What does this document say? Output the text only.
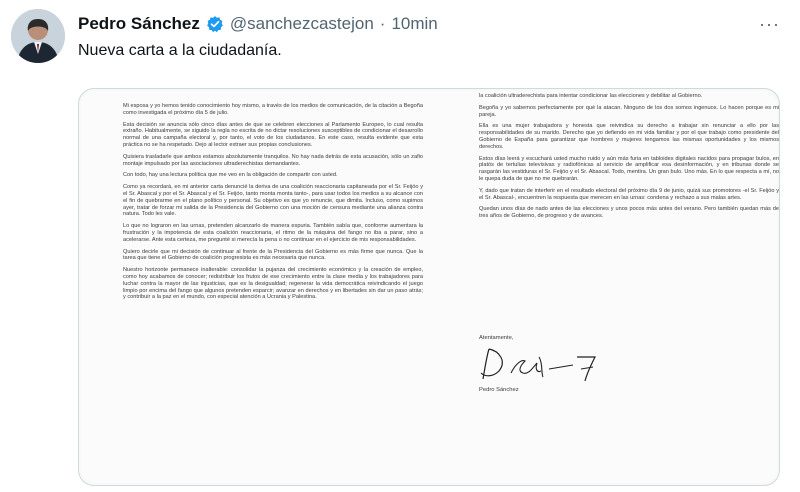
Pedro Sánchez @sanchezcastejon · 10min	···
Nueva carta a la ciudadanía.

Mi esposa y yo hemos tenido conocimiento hoy mismo, a través de los medios de comunicación, de la citación a Begoña como investigada el próximo día 5 de julio.

Esta decisión se anuncia sólo cinco días antes de que se celebren elecciones al Parlamento Europeo, lo cual resulta extraño. Habitualmente, se siguido la regla no escrita de no dictar resoluciones susceptibles de condicionar el desarrollo normal de una campaña electoral y, por tanto, el voto de los ciudadanos. En este caso, resulta evidente que esta práctica no se ha respetado. Dejo al lector extraer sus propias conclusiones.

Quisiera trasladarle que ambos estamos absolutamente tranquilos. No hay nada detrás de esta acusación, sólo un zafio montaje impulsado por las asociaciones ultraderechistas demandantes.

Con todo, hay una lectura política que me veo en la obligación de compartir con usted.

Como ya recordará, en mi anterior carta denuncié la deriva de una coalición reaccionaria capitaneada por el Sr. Feijóo y el Sr. Abascal y por el Sr. Abascal y el Sr. Feijóo, tanto monta monta tanto-, para usar todos los medios a su alcance con el fin de quebrarme en el plano político y personal. Su objetivo es que yo renuncie, que dimita. Incluso, como supimos ayer, tratar de forzar mi salida de la Presidencia del Gobierno con una moción de censura mediante una alianza contra natura. Todo les vale.

Lo que no lograron en las urnas, pretenden alcanzarlo de manera espuria. También sabía que, conforme aumentara la frustración y la impotencia de esta coalición reaccionaria, el ritmo de la máquina del fango no iba a parar, sino a acelerarse. Ante esta certeza, me pregunté si merecía la pena o no continuar en el ejercicio de mis responsabilidades.

Quiero decirle que mi decisión de continuar al frente de la Presidencia del Gobierno es más firme que nunca. Que la tarea que tiene el Gobierno de coalición progresista es más necesaria que nunca.

Nuestro horizonte permanece inalterable: consolidar la pujanza del crecimiento económico y la creación de empleo, como hoy acabamos de conocer; redistribuir los frutos de ese crecimiento entre la clase media y los trabajadores para luchar contra la mayor de las injusticias, que es la desigualdad; regenerar la vida democrática reivindicando el juego limpio por encima del fango que algunos pretenden esparcir; avanzar en derechos y en libertades sin dar un paso atrás; y contribuir a la paz en el mundo, con especial atención a Ucrania y Palestina.

la coalición ultraderechista para intentar condicionar las elecciones y debilitar al Gobierno.

Begoña y yo sabemos perfectamente por qué la atacan. Ninguno de los dos somos ingenuos. Lo hacen porque es mi pareja.

Ella es una mujer trabajadora y honesta que reivindica su derecho a trabajar sin renunciar a ello por las responsabilidades de su marido. Derecho que yo defiendo en mi vida familiar y por el que trabajo como presidente del Gobierno de España para garantizar que hombres y mujeres tengamos las mismas oportunidades y los mismos derechos.

Estos días leerá y escuchará usted mucho ruido y aún más furia en tabloides digitales nacidos para propagar bulos, en platós de tertulias televisivas y radiofónicas al servicio de amplificar esa desinformación, y en tribunas donde se rasgarán las vestiduras el Sr. Feijóo y el Sr. Abascal. Todo, mentira. Un gran bulo. Uno más. En lo que respecta a mí, no le quepa duda de que no me quebrarán.

Y, dado que tratan de interferir en el resultado electoral del próximo día 9 de junio, quizá sus promotores -el Sr. Feijóo y el Sr. Abascal-, encuentren la respuesta que merecen en las urnas: condena y rechazo a sus malas artes.

Quedan unos días de nado antes de las elecciones y unos pocos más antes del verano. Pero también quedan más de tres años de Gobierno, de progreso y de avances.

Atentamente,
Pedro Sánchez
